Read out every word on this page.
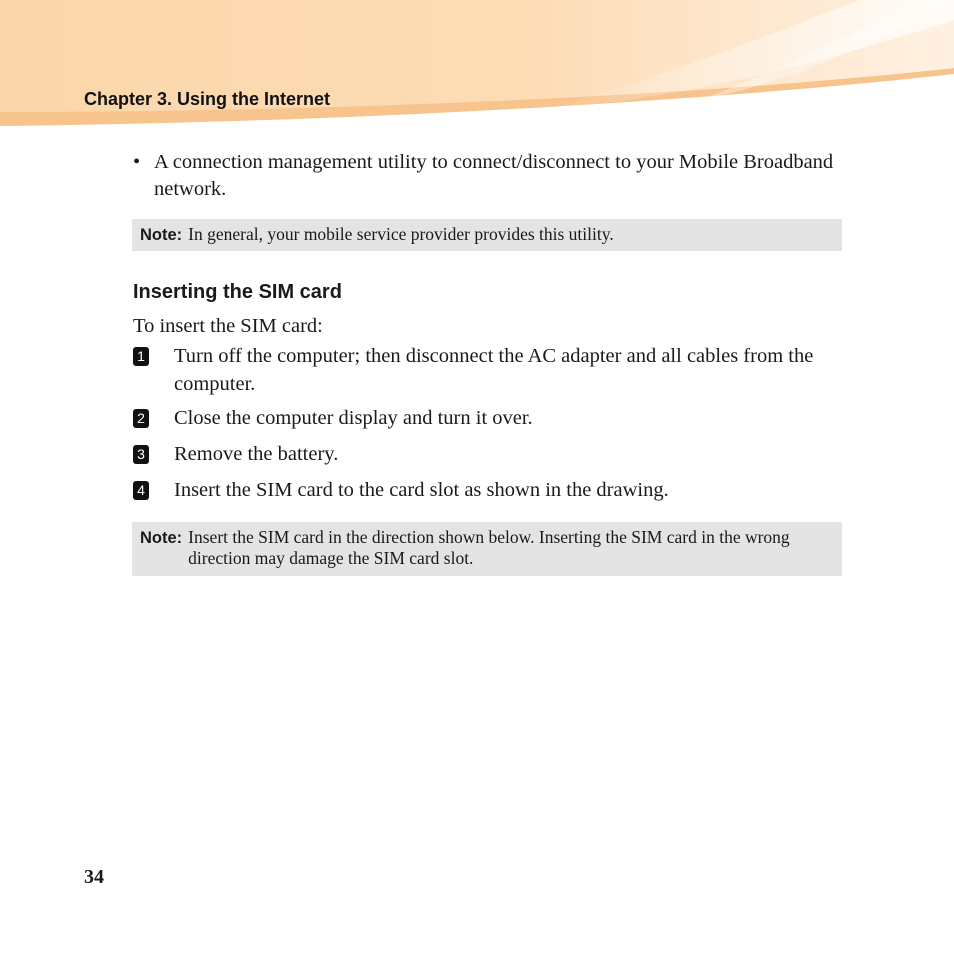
Chapter 3. Using the Internet
• A connection management utility to connect/disconnect to your Mobile Broadband network.
Note: In general, your mobile service provider provides this utility.
Inserting the SIM card
To insert the SIM card:
1 Turn off the computer; then disconnect the AC adapter and all cables from the computer.
2 Close the computer display and turn it over.
3 Remove the battery.
4 Insert the SIM card to the card slot as shown in the drawing.
Note: Insert the SIM card in the direction shown below. Inserting the SIM card in the wrong direction may damage the SIM card slot.
34
